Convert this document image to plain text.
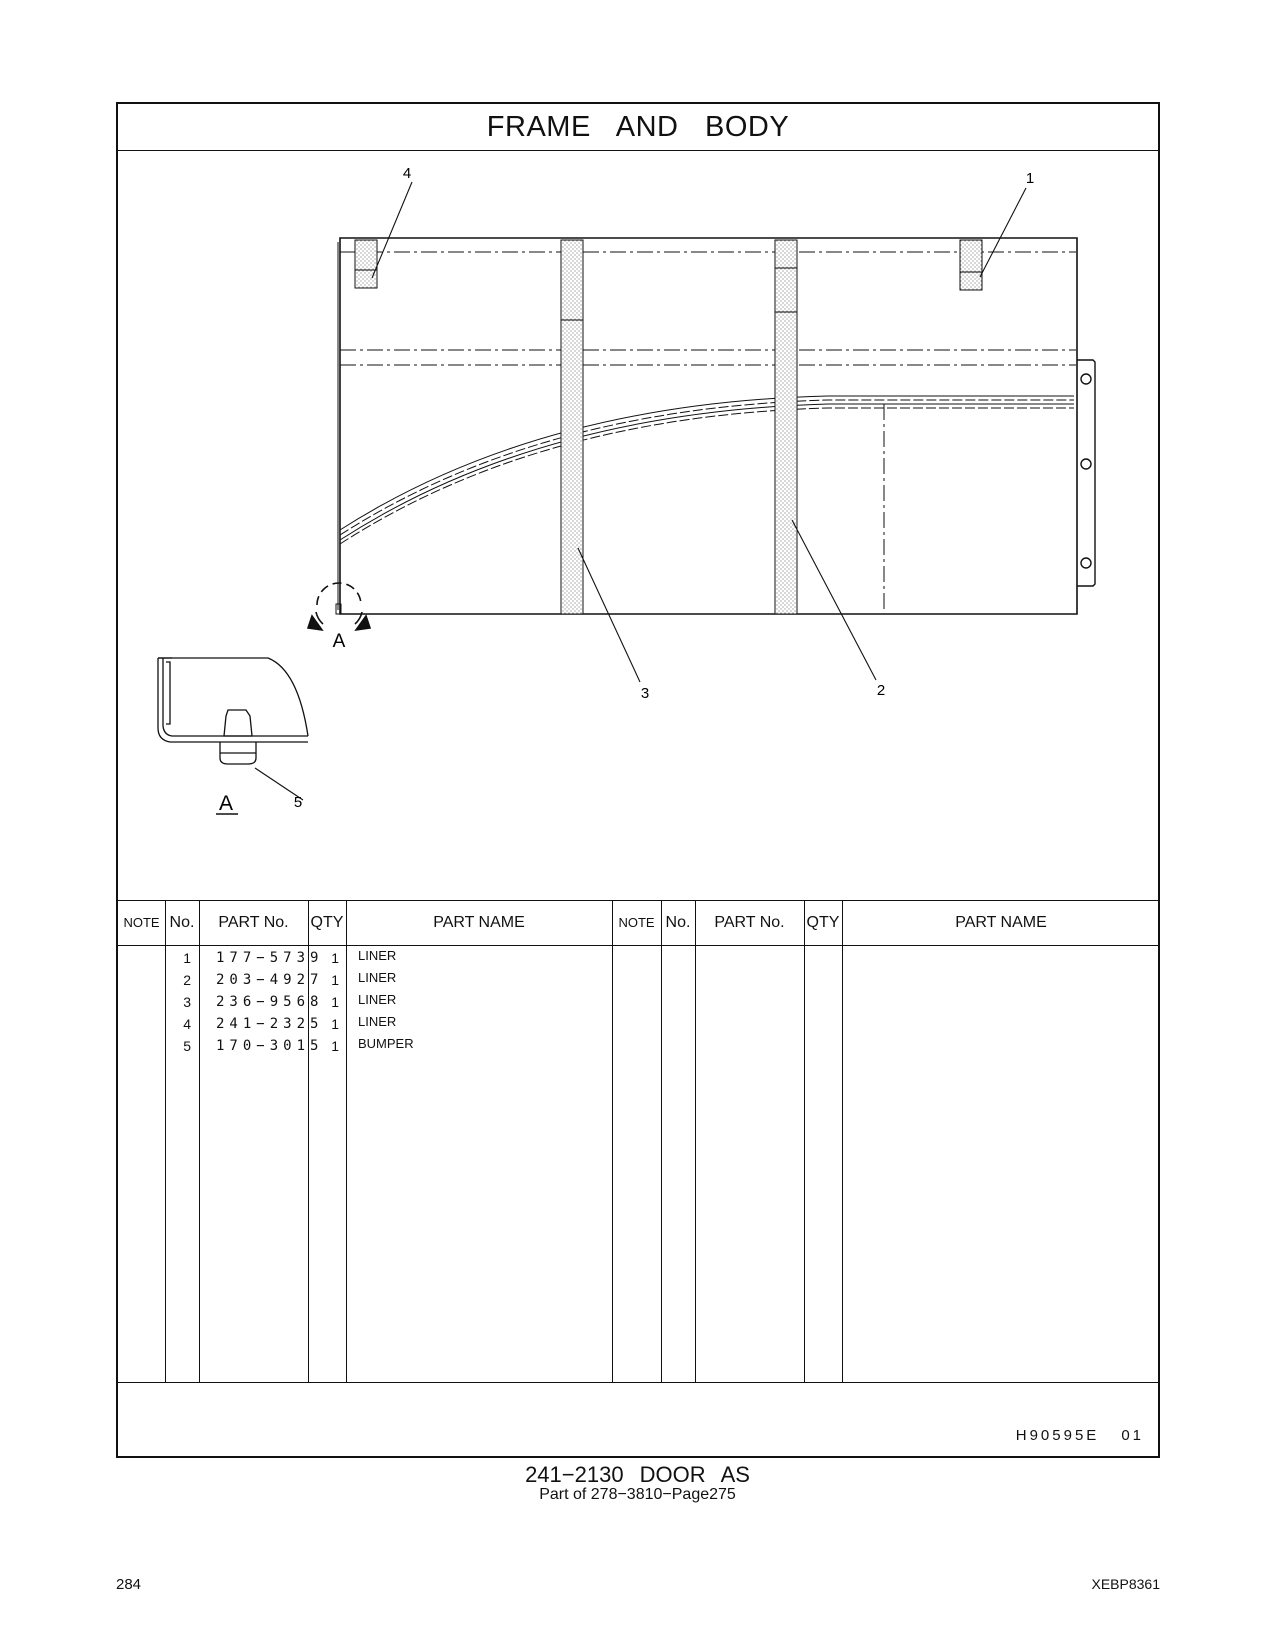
FRAME AND BODY
4	1
3	2
5
A
A
NOTE No.	PART No.	QTY	PART NAME	NOTE No.	PART No.	QTY	PART NAME
1 177−5739 1 LINER
2 203−4927 1 LINER
3 236−9568 1 LINER
4 241−2325 1 LINER
5 170−3015 1 BUMPER
H90595E 01
241−2130 DOOR AS
Part of 278−3810−Page275
284	XEBP8361
